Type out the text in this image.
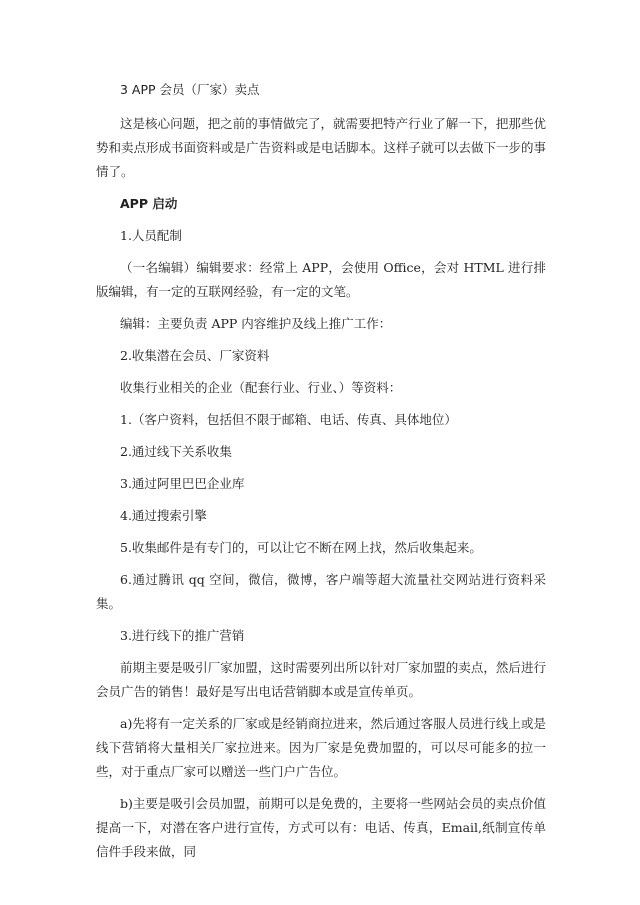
3 APP 会员（厂家）卖点

这是核心问题，把之前的事情做完了，就需要把特产行业了解一下，把那些优势和卖点形成书面资料或是广告资料或是电话脚本。这样子就可以去做下一步的事情了。

APP 启动

1.人员配制

（一名编辑）编辑要求：经常上 APP，会使用 Office，会对 HTML 进行排版编辑，有一定的互联网经验，有一定的文笔。

编辑：主要负责 APP 内容维护及线上推广工作：

2.收集潜在会员、厂家资料

收集行业相关的企业（配套行业、行业、）等资料：

1.（客户资料，包括但不限于邮箱、电话、传真、具体地位）

2.通过线下关系收集

3.通过阿里巴巴企业库

4.通过搜索引擎

5.收集邮件是有专门的，可以让它不断在网上找，然后收集起来。

6.通过腾讯 qq 空间，微信，微博，客户端等超大流量社交网站进行资料采集。

3.进行线下的推广营销

前期主要是吸引厂家加盟，这时需要列出所以针对厂家加盟的卖点，然后进行会员广告的销售！最好是写出电话营销脚本或是宣传单页。

a)先将有一定关系的厂家或是经销商拉进来，然后通过客服人员进行线上或是线下营销将大量相关厂家拉进来。因为厂家是免费加盟的，可以尽可能多的拉一些，对于重点厂家可以赠送一些门户广告位。

b)主要是吸引会员加盟，前期可以是免费的，主要将一些网站会员的卖点价值提高一下，对潜在客户进行宣传，方式可以有：电话、传真，Email,纸制宣传单信件手段来做，同
